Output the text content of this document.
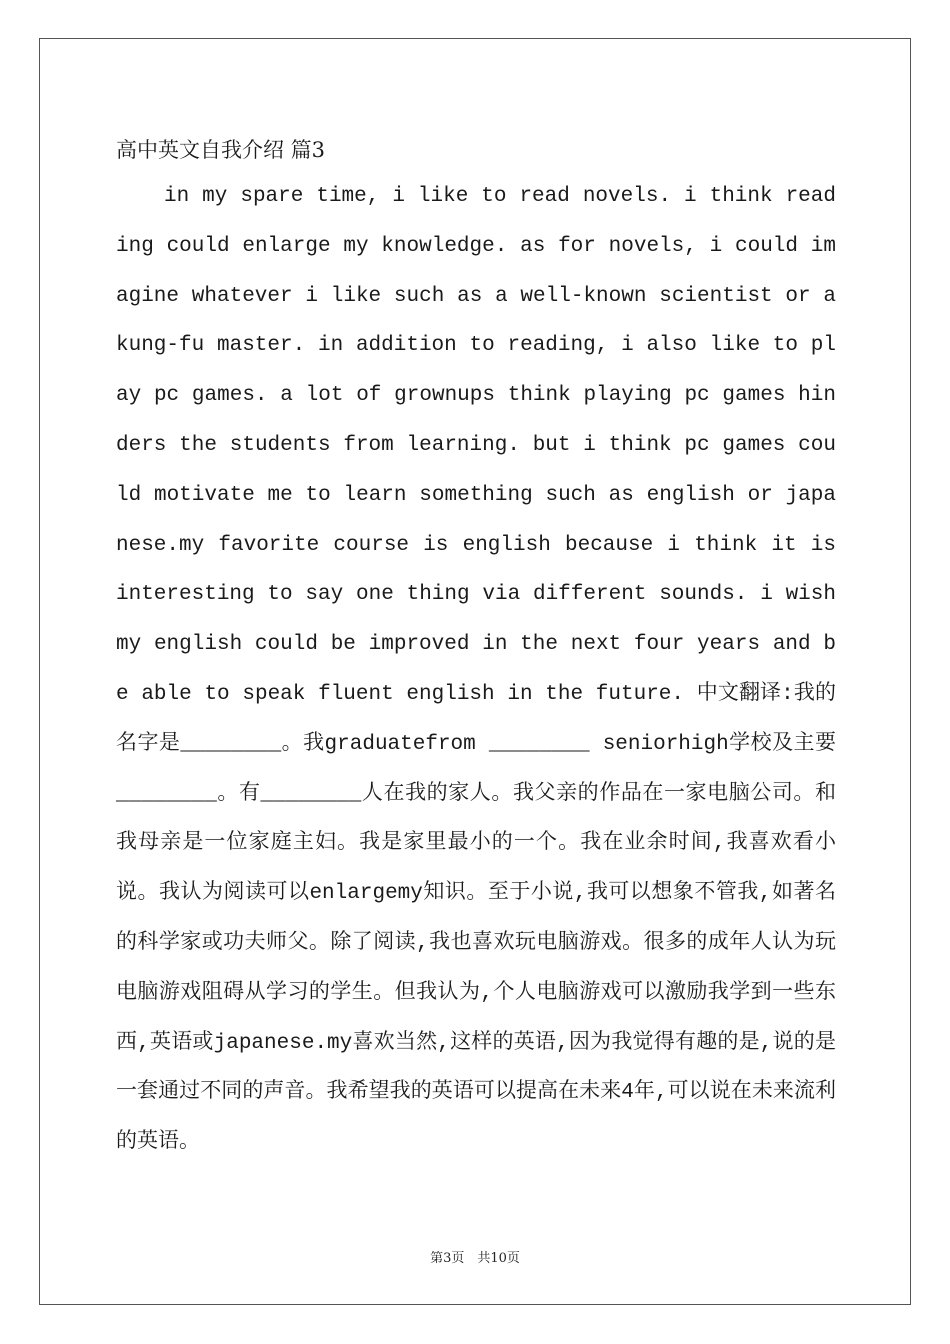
高中英文自我介绍 篇3

in my spare time, i like to read novels. i think reading could enlarge my knowledge. as for novels, i could imagine whatever i like such as a well-known scientist or a kung-fu master. in addition to reading, i also like to play pc games. a lot of grownups think playing pc games hinders the students from learning. but i think pc games could motivate me to learn something such as english or japanese.my favorite course is english because i think it is interesting to say one thing via different sounds. i wish my english could be improved in the next four years and be able to speak fluent english in the future. 中文翻译:我的名字是________。我graduatefrom ________ seniorhigh学校及主要________。有________人在我的家人。我父亲的作品在一家电脑公司。和我母亲是一位家庭主妇。我是家里最小的一个。我在业余时间,我喜欢看小说。我认为阅读可以enlargemy知识。至于小说,我可以想象不管我,如著名的科学家或功夫师父。除了阅读,我也喜欢玩电脑游戏。很多的成年人认为玩电脑游戏阻碍从学习的学生。但我认为,个人电脑游戏可以激励我学到一些东西,英语或japanese.my喜欢当然,这样的英语,因为我觉得有趣的是,说的是一套通过不同的声音。我希望我的英语可以提高在未来4年,可以说在未来流利的英语。

第3页　共10页
